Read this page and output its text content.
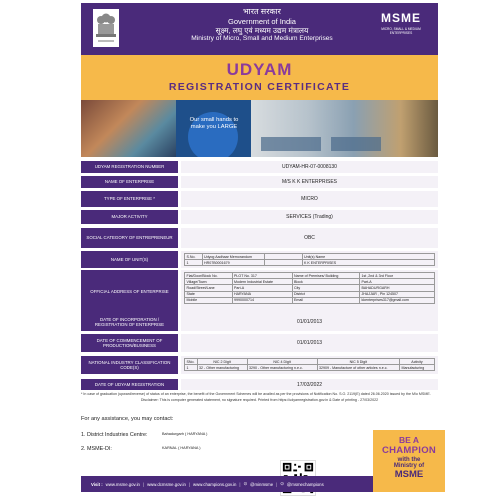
भारत सरकार
Government of India
सूक्ष्म, लघु एवं मध्यम उद्यम मंत्रालय
Ministry of Micro, Small and Medium Enterprises
MSME
MICRO, SMALL & MEDIUM ENTERPRISES
UDYAM
REGISTRATION CERTIFICATE
Our small hands to
make you LARGE
UDYAM REGISTRATION NUMBER	UDYAM-HR-07-0008130
NAME OF ENTERPRISE	M/S K K ENTERPRISES
TYPE OF ENTERPRISE *	MICRO
MAJOR ACTIVITY	SERVICES (Trading)
SOCIAL CATEGORY OF ENTREPRENEUR	OBC
NAME OF UNIT(S)
S.No.	Udyog Aadhaar Memorandum		Unit(s) Name
1	HR07B0001679		K K ENTERPRISES
OFFICIAL ADDRESS OF ENTERPRISE
Flat/Door/Block No.	PLOT No. 317	Name of Premises/ Building	1st ,2nd & 3rd Floor
Village/Town	Modern Industrial Estate	Block	Part-A
Road/Street/Lane	Part-A	City	BAHADURGARH
State	HARYANA	District	JHAJJAR , Pin 124507
Mobile	9990000714	Email	kkenterprises317@gmail.com
DATE OF INCORPORATION / REGISTRATION OF ENTERPRISE	01/01/2013
DATE OF COMMENCEMENT OF PRODUCTION/BUSINESS	01/01/2013
NATIONAL INDUSTRY CLASSIFICATION CODE(S)
SNo.	NIC 2 Digit	NIC 4 Digit	NIC 5 Digit	Activity
1	32 - Other manufacturing	3290 - Other manufacturing n.e.c.	32909 - Manufacture of other articles n.e.c.	Manufacturing
DATE OF UDYAM REGISTRATION	17/03/2022
* In case of graduation (upward/reverse) of status of an enterprise, the benefit of the Government Schemes will be availed as per the provisions of Notification No. S.O. 2119(E) dated 26.06.2020 issued by the M/o MSME.
Disclaimer: This is computer generated statement, no signature required. Printed from https://udyamregistration.gov.in & Date of printing - 27/03/2022
For any assistance, you may contact:
1. District Industries Centre:	Bahadurgarh ( HARYANA )
2. MSME-DI:	KARNAL ( HARYANA )
BE A
CHAMPION
with the
Ministry of
MSME
Visit : www.msme.gov.in | www.dcmsme.gov.in | www.champions.gov.in | ⊙ @minmsme | ⊙ @msmechampions
